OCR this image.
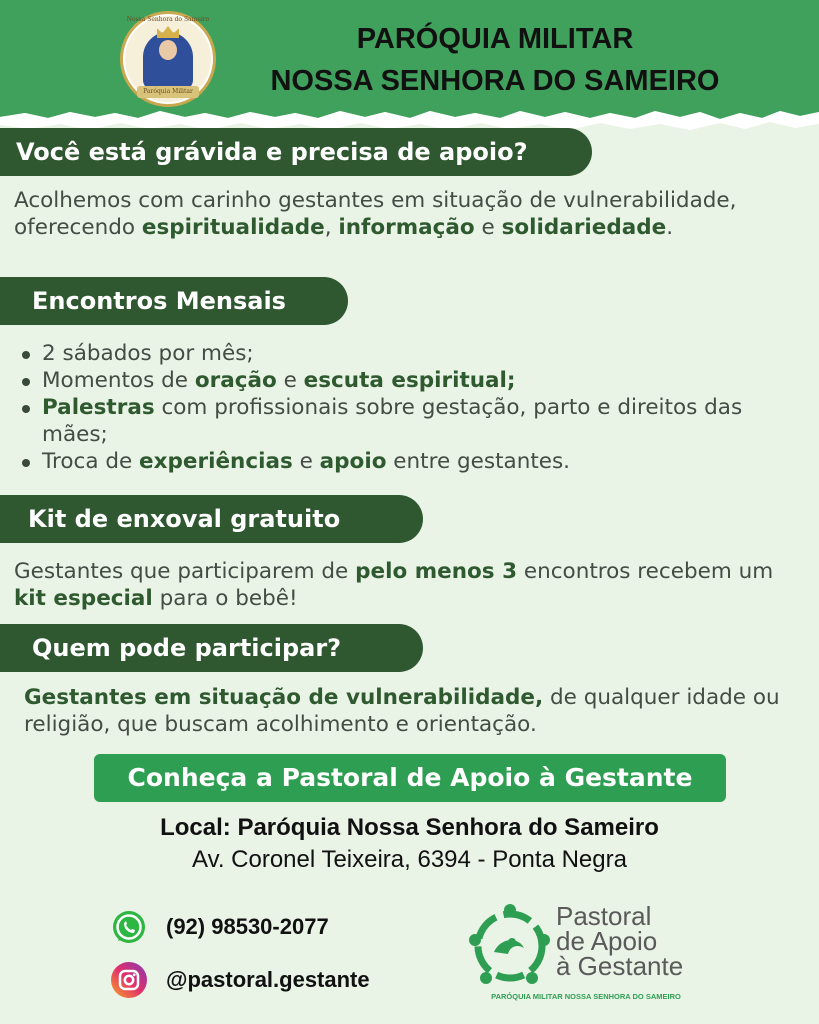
Nossa Senhora do Sameiro
Paróquia Militar
PARÓQUIA MILITAR
NOSSA SENHORA DO SAMEIRO
Você está grávida e precisa de apoio?
Acolhemos com carinho gestantes em situação de vulnerabilidade, oferecendo espiritualidade, informação e solidariedade.
Encontros Mensais
2 sábados por mês;
Momentos de oração e escuta espiritual;
Palestras com profissionais sobre gestação, parto e direitos das mães;
Troca de experiências e apoio entre gestantes.
Kit de enxoval gratuito
Gestantes que participarem de pelo menos 3 encontros recebem um kit especial para o bebê!
Quem pode participar?
Gestantes em situação de vulnerabilidade, de qualquer idade ou religião, que buscam acolhimento e orientação.
Conheça a Pastoral de Apoio à Gestante
Local: Paróquia Nossa Senhora do Sameiro
Av. Coronel Teixeira, 6394 - Ponta Negra
(92) 98530-2077
@pastoral.gestante
Pastoral
de Apoio
à Gestante
PARÓQUIA MILITAR NOSSA SENHORA DO SAMEIRO
